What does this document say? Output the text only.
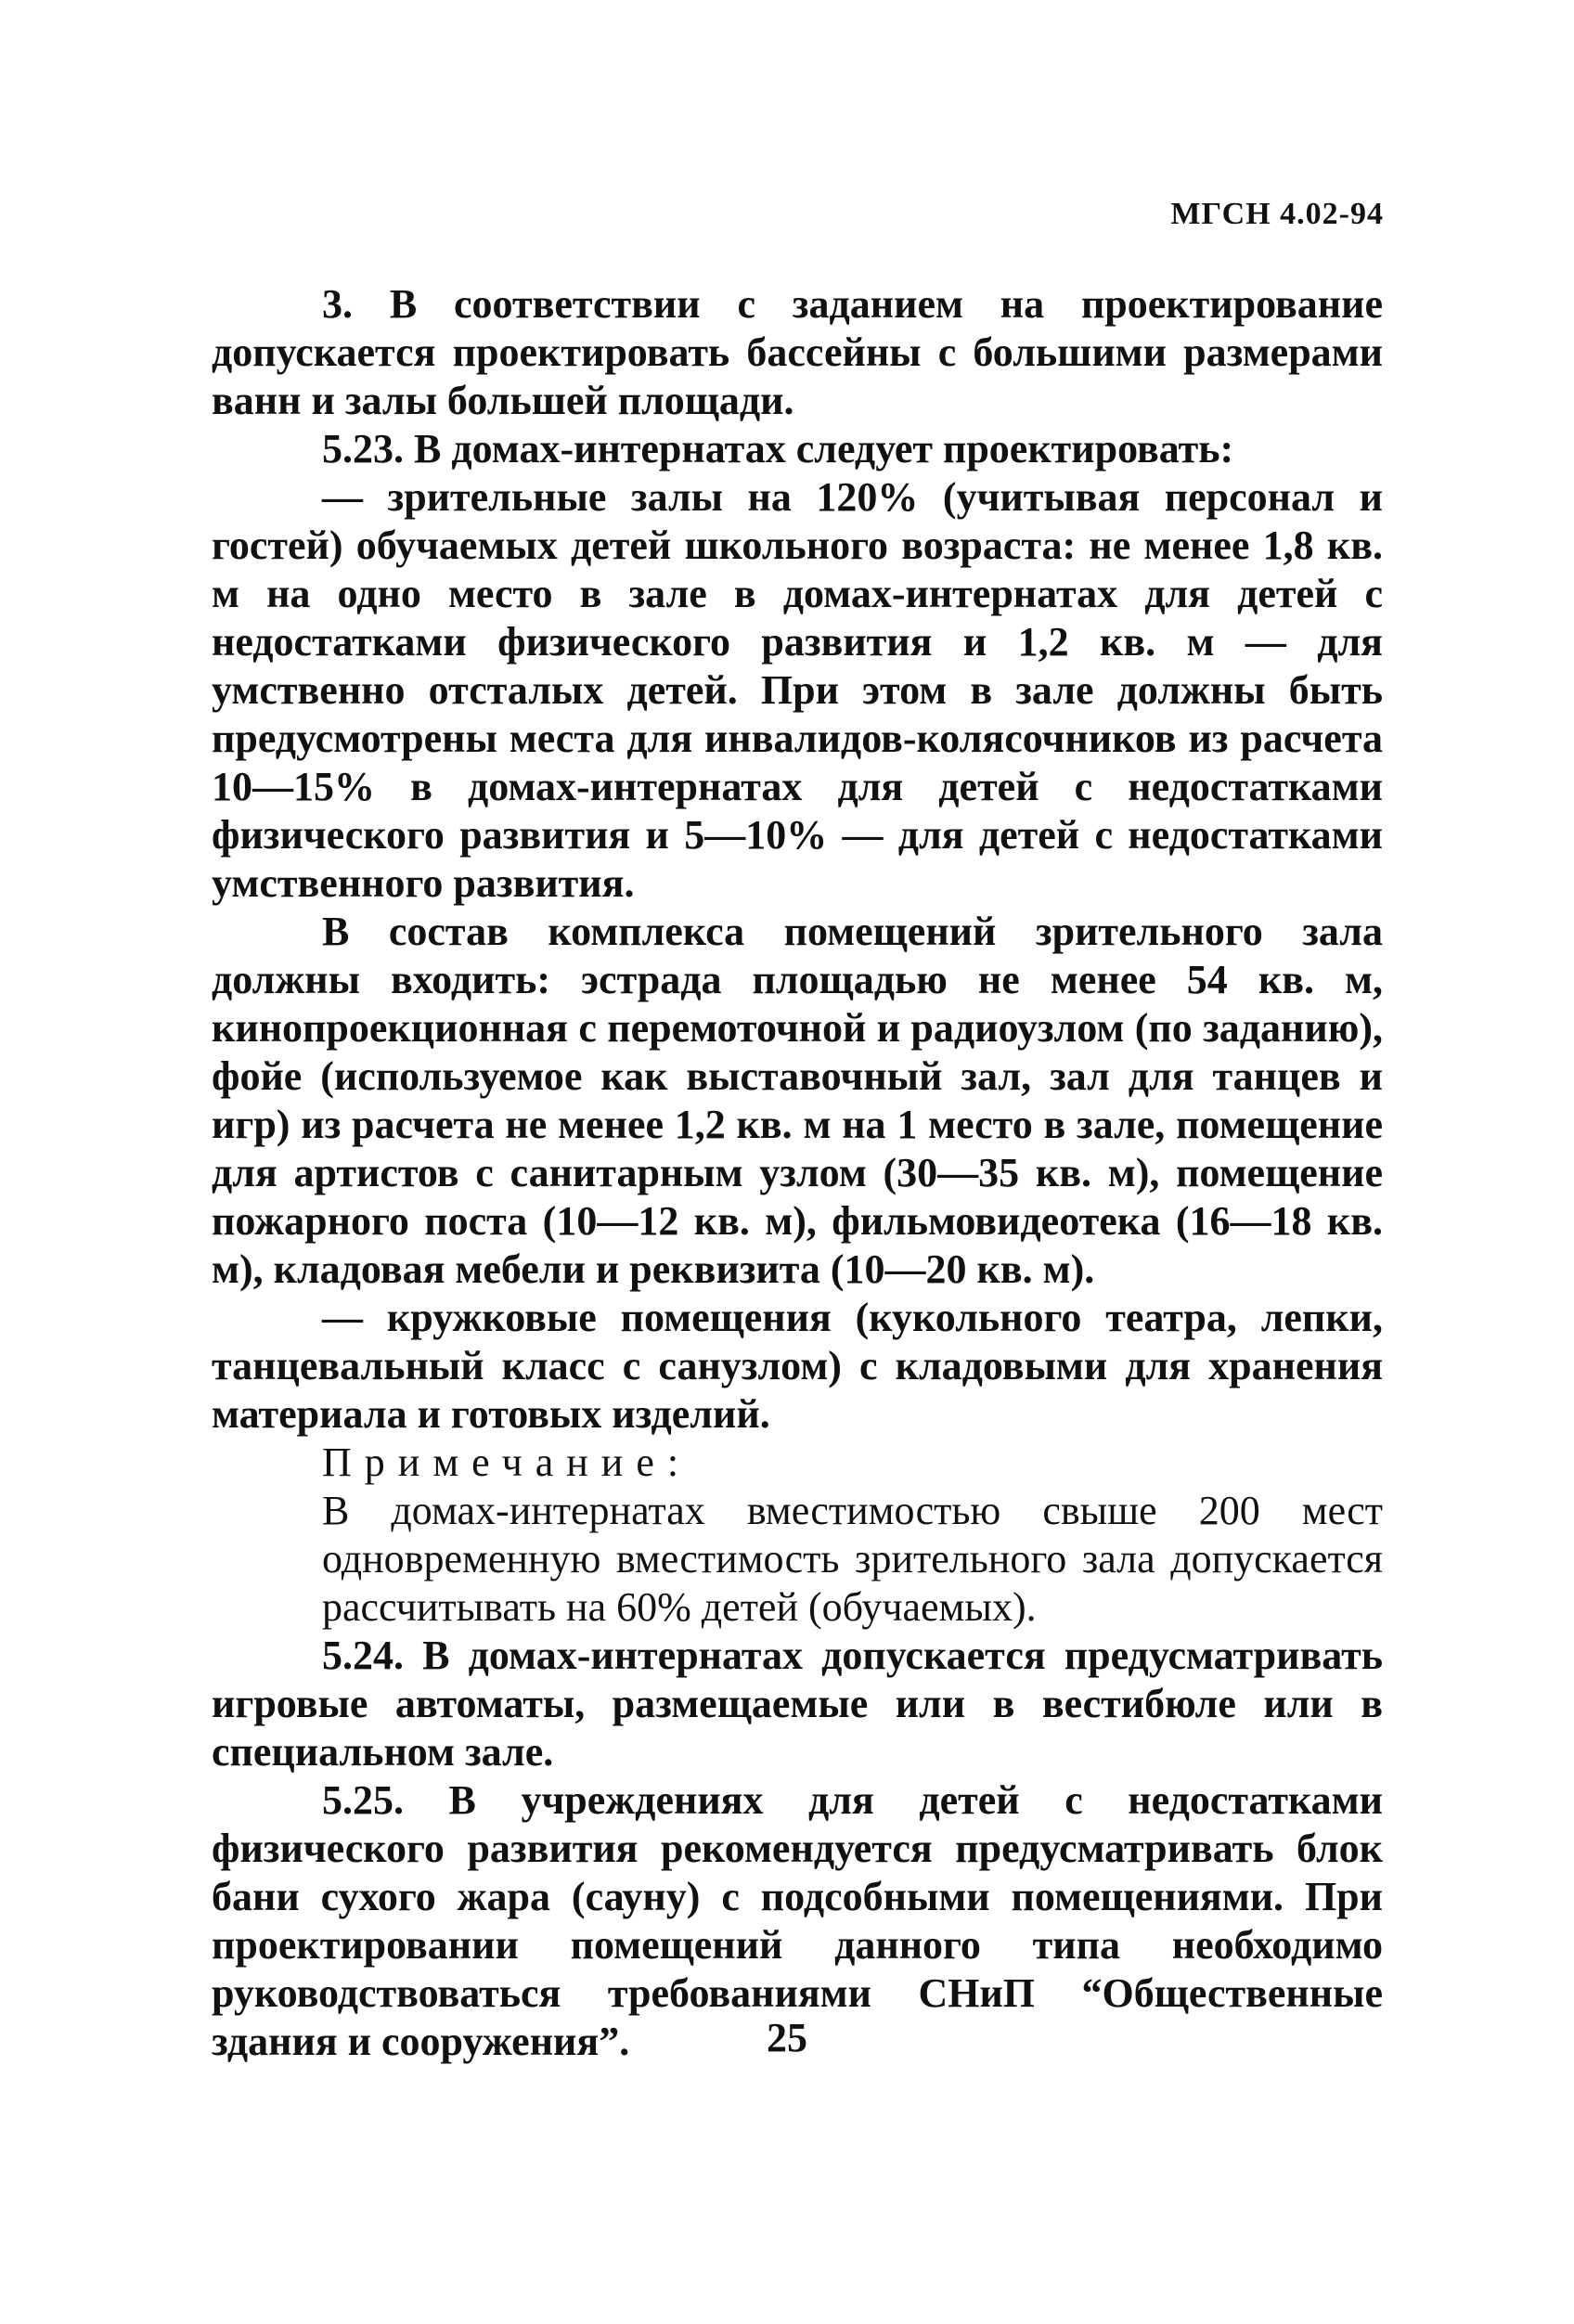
МГСН 4.02-94

3. В соответствии с заданием на проектирование допускается проектировать бассейны с большими размерами ванн и залы большей площади.

5.23. В домах-интернатах следует проектировать:

— зрительные залы на 120% (учитывая персонал и гостей) обучаемых детей школьного возраста: не менее 1,8 кв. м на одно место в зале в домах-интернатах для детей с недостатками физического развития и 1,2 кв. м — для умственно отсталых детей. При этом в зале должны быть предусмотрены места для инвалидов-колясочников из расчета 10—15% в домах-интернатах для детей с недостатками физического развития и 5—10% — для детей с недостатками умственного развития.

В состав комплекса помещений зрительного зала должны входить: эстрада площадью не менее 54 кв. м, кинопроекционная с перемоточной и радиоузлом (по заданию), фойе (используемое как выставочный зал, зал для танцев и игр) из расчета не менее 1,2 кв. м на 1 место в зале, помещение для артистов с санитарным узлом (30—35 кв. м), помещение пожарного поста (10—12 кв. м), фильмовидеотека (16—18 кв. м), кладовая мебели и реквизита (10—20 кв. м).

— кружковые помещения (кукольного театра, лепки, танцевальный класс с санузлом) с кладовыми для хранения материала и готовых изделий.

Примечание:
В домах-интернатах вместимостью свыше 200 мест одновременную вместимость зрительного зала допускается рассчитывать на 60% детей (обучаемых).

5.24. В домах-интернатах допускается предусматривать игровые автоматы, размещаемые или в вестибюле или в специальном зале.

5.25. В учреждениях для детей с недостатками физического развития рекомендуется предусматривать блок бани сухого жара (сауну) с подсобными помещениями. При проектировании помещений данного типа необходимо руководствоваться требованиями СНиП “Общественные здания и сооружения”.	25
